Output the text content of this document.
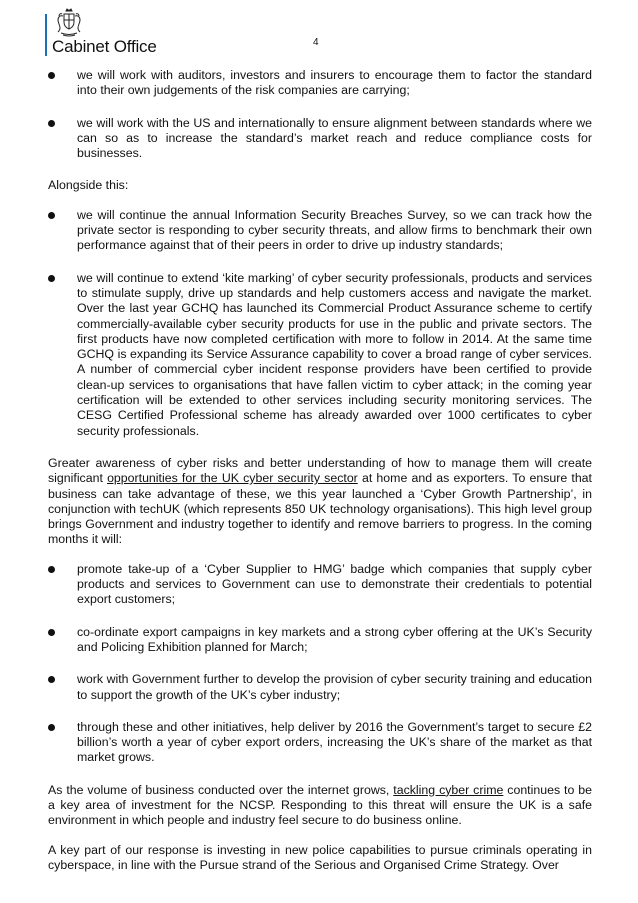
Cabinet Office	4
we will work with auditors, investors and insurers to encourage them to factor the standard into their own judgements of the risk companies are carrying;
we will work with the US and internationally to ensure alignment between standards where we can so as to increase the standard’s market reach and reduce compliance costs for businesses.

Alongside this:

we will continue the annual Information Security Breaches Survey, so we can track how the private sector is responding to cyber security threats, and allow firms to benchmark their own performance against that of their peers in order to drive up industry standards;
we will continue to extend ‘kite marking’ of cyber security professionals, products and services to stimulate supply, drive up standards and help customers access and navigate the market. Over the last year GCHQ has launched its Commercial Product Assurance scheme to certify commercially-available cyber security products for use in the public and private sectors. The first products have now completed certification with more to follow in 2014. At the same time GCHQ is expanding its Service Assurance capability to cover a broad range of cyber services. A number of commercial cyber incident response providers have been certified to provide clean-up services to organisations that have fallen victim to cyber attack; in the coming year certification will be extended to other services including security monitoring services. The CESG Certified Professional scheme has already awarded over 1000 certificates to cyber security professionals.

Greater awareness of cyber risks and better understanding of how to manage them will create significant opportunities for the UK cyber security sector at home and as exporters. To ensure that business can take advantage of these, we this year launched a ‘Cyber Growth Partnership’, in conjunction with techUK (which represents 850 UK technology organisations). This high level group brings Government and industry together to identify and remove barriers to progress. In the coming months it will:

promote take-up of a ‘Cyber Supplier to HMG’ badge which companies that supply cyber products and services to Government can use to demonstrate their credentials to potential export customers;
co-ordinate export campaigns in key markets and a strong cyber offering at the UK’s Security and Policing Exhibition planned for March;
work with Government further to develop the provision of cyber security training and education to support the growth of the UK’s cyber industry;
through these and other initiatives, help deliver by 2016 the Government’s target to secure £2 billion’s worth a year of cyber export orders, increasing the UK’s share of the market as that market grows.

As the volume of business conducted over the internet grows, tackling cyber crime continues to be a key area of investment for the NCSP. Responding to this threat will ensure the UK is a safe environment in which people and industry feel secure to do business online.

A key part of our response is investing in new police capabilities to pursue criminals operating in cyberspace, in line with the Pursue strand of the Serious and Organised Crime Strategy. Over
